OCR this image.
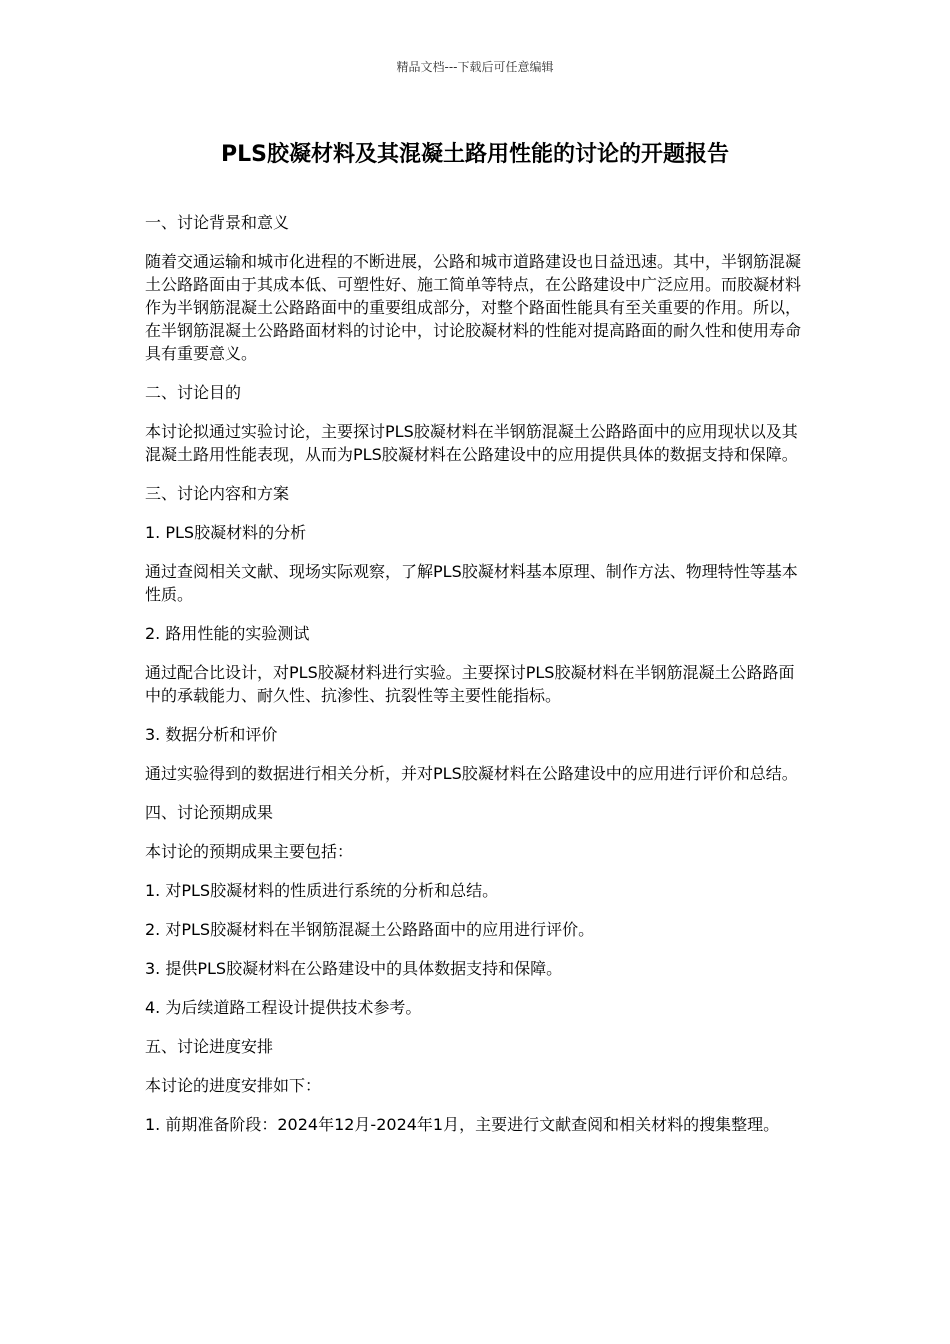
精品文档---下载后可任意编辑
PLS胶凝材料及其混凝土路用性能的讨论的开题报告

一、讨论背景和意义

随着交通运输和城市化进程的不断进展，公路和城市道路建设也日益迅速。其中，半钢筋混凝土公路路面由于其成本低、可塑性好、施工简单等特点，在公路建设中广泛应用。而胶凝材料作为半钢筋混凝土公路路面中的重要组成部分，对整个路面性能具有至关重要的作用。所以，在半钢筋混凝土公路路面材料的讨论中，讨论胶凝材料的性能对提高路面的耐久性和使用寿命具有重要意义。

二、讨论目的

本讨论拟通过实验讨论，主要探讨PLS胶凝材料在半钢筋混凝土公路路面中的应用现状以及其混凝土路用性能表现，从而为PLS胶凝材料在公路建设中的应用提供具体的数据支持和保障。

三、讨论内容和方案

1. PLS胶凝材料的分析

通过查阅相关文献、现场实际观察，了解PLS胶凝材料基本原理、制作方法、物理特性等基本性质。

2. 路用性能的实验测试

通过配合比设计，对PLS胶凝材料进行实验。主要探讨PLS胶凝材料在半钢筋混凝土公路路面中的承载能力、耐久性、抗渗性、抗裂性等主要性能指标。

3. 数据分析和评价

通过实验得到的数据进行相关分析，并对PLS胶凝材料在公路建设中的应用进行评价和总结。

四、讨论预期成果

本讨论的预期成果主要包括：

1. 对PLS胶凝材料的性质进行系统的分析和总结。

2. 对PLS胶凝材料在半钢筋混凝土公路路面中的应用进行评价。

3. 提供PLS胶凝材料在公路建设中的具体数据支持和保障。

4. 为后续道路工程设计提供技术参考。

五、讨论进度安排

本讨论的进度安排如下：

1. 前期准备阶段：2024年12月-2024年1月，主要进行文献查阅和相关材料的搜集整理。
